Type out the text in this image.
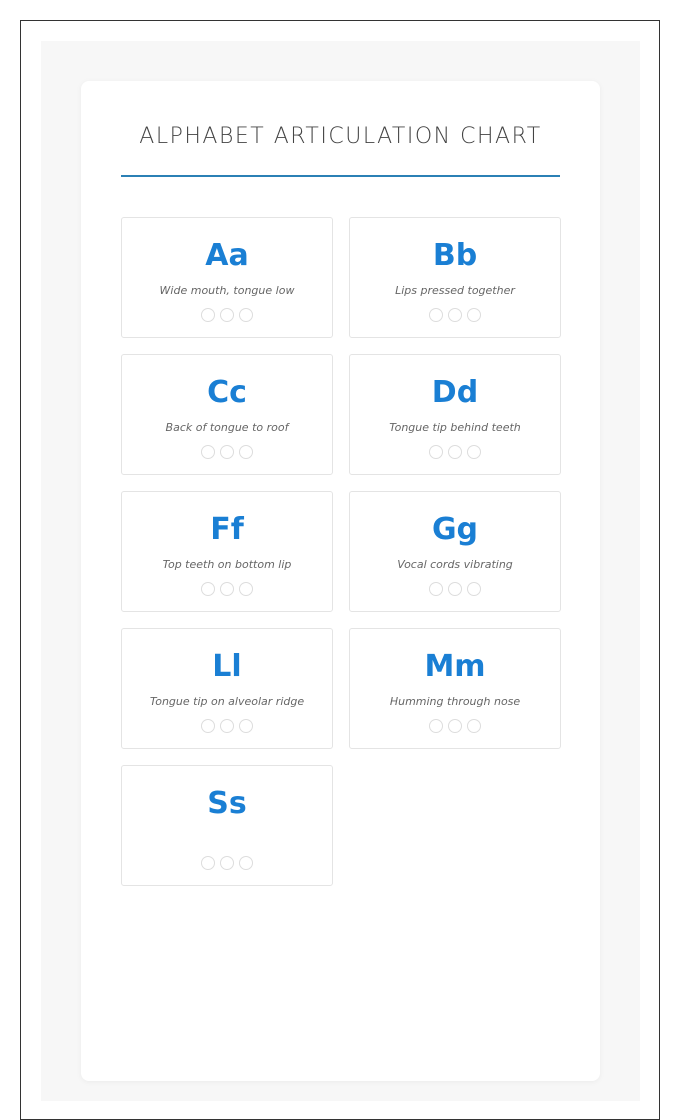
ALPHABET ARTICULATION CHART
Aa
Wide mouth, tongue low
Bb
Lips pressed together
Cc
Back of tongue to roof
Dd
Tongue tip behind teeth
Ff
Top teeth on bottom lip
Gg
Vocal cords vibrating
Ll
Tongue tip on alveolar ridge
Mm
Humming through nose
Ss
